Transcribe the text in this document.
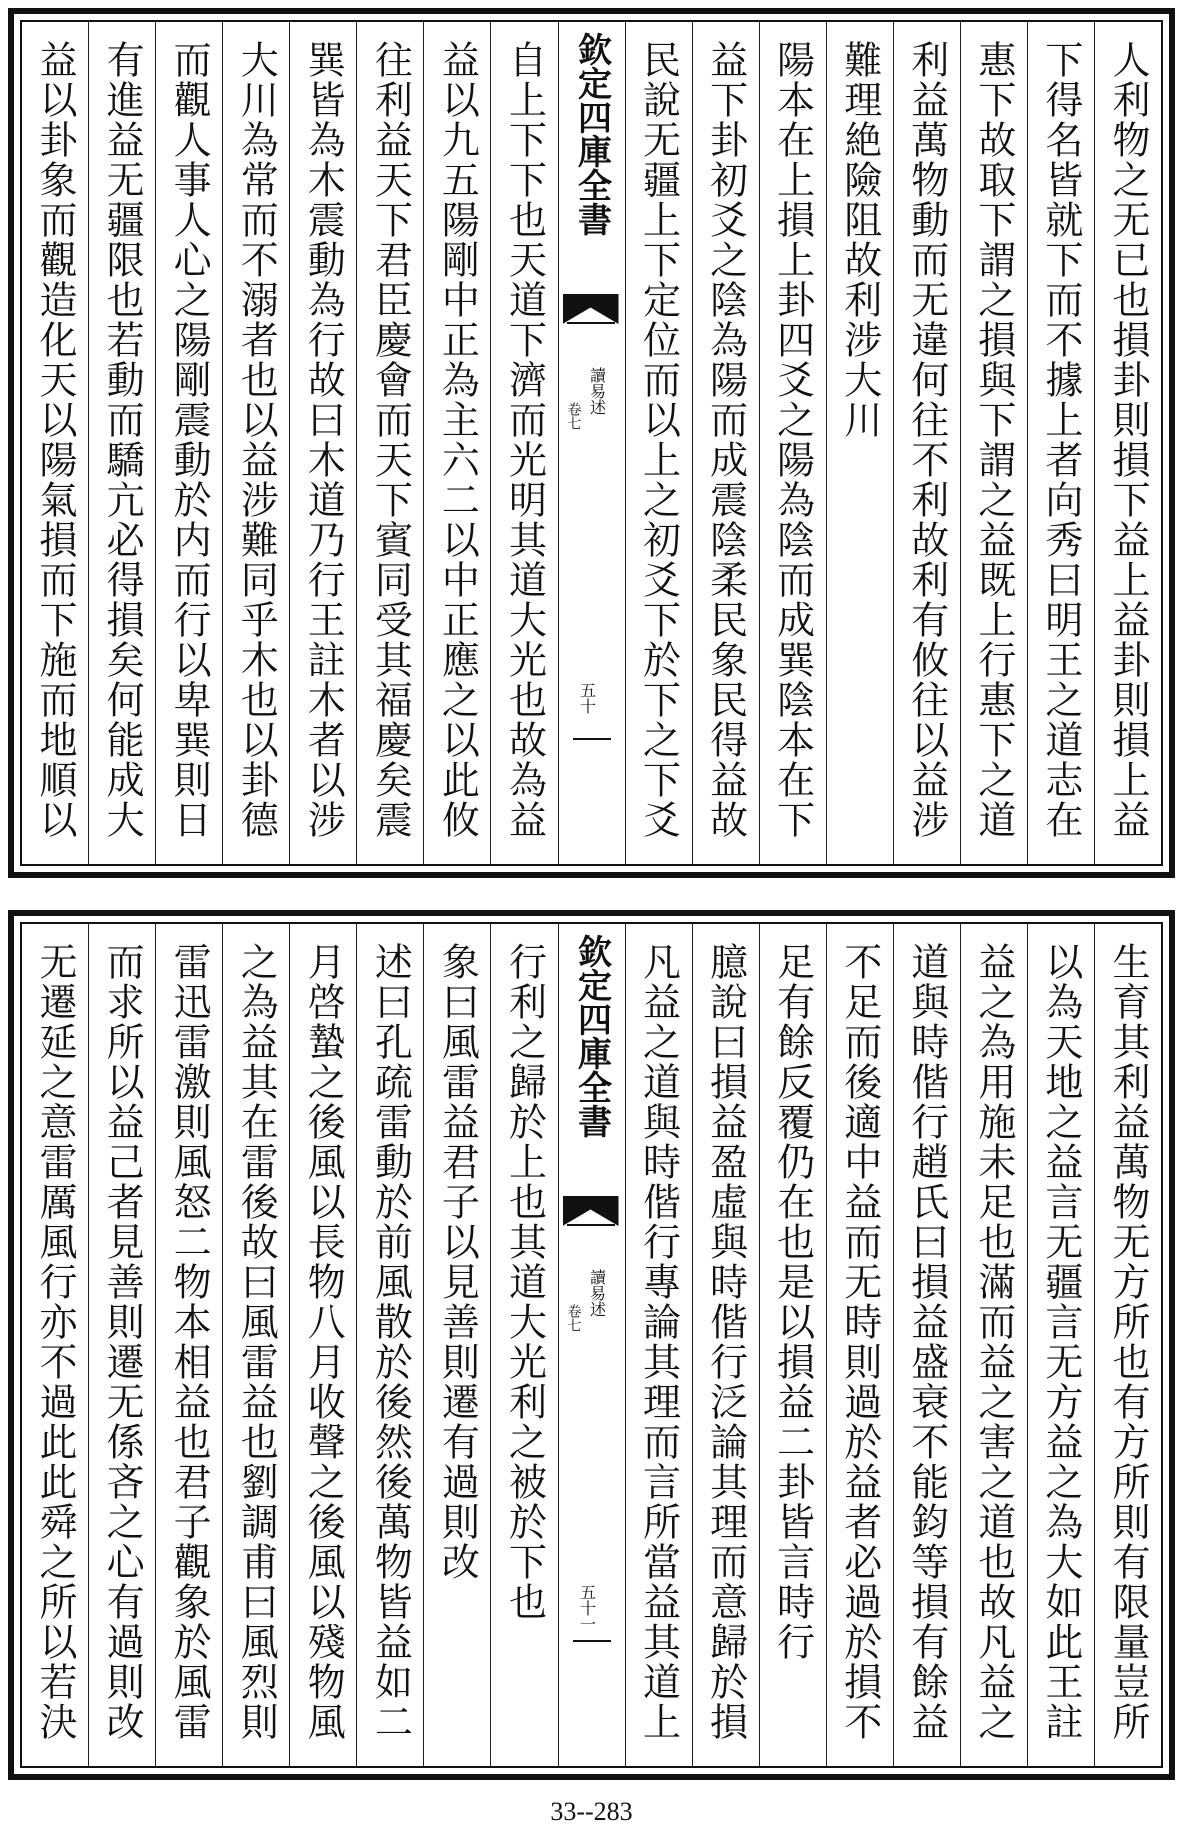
人利物之无已也損卦則損下益上益卦則損上益
下得名皆就下而不據上者向秀曰明王之道志在
惠下故取下謂之損與下謂之益既上行惠下之道
利益萬物動而无違何往不利故利有攸往以益涉
難理絶險阻故利涉大川
陽本在上損上卦四爻之陽為陰而成巽陰本在下
益下卦初爻之陰為陽而成震陰柔民象民得益故
民說无疆上下定位而以上之初爻下於下之下爻
欽定四庫全書
讀易述
卷七
五十
自上下下也天道下濟而光明其道大光也故為益
益以九五陽剛中正為主六二以中正應之以此攸
往利益天下君臣慶會而天下賓同受其福慶矣震
巽皆為木震動為行故曰木道乃行王註木者以涉
大川為常而不溺者也以益涉難同乎木也以卦德
而觀人事人心之陽剛震動於内而行以卑巽則日
有進益无疆限也若動而驕亢必得損矣何能成大
益以卦象而觀造化天以陽氣損而下施而地順以
生育其利益萬物无方所也有方所則有限量豈所
以為天地之益言无疆言无方益之為大如此王註
益之為用施未足也滿而益之害之道也故凡益之
道與時偕行趙氏曰損益盛衰不能鈞等損有餘益
不足而後適中益而无時則過於益者必過於損不
足有餘反覆仍在也是以損益二卦皆言時行
臆說曰損益盈虛與時偕行泛論其理而意歸於損
凡益之道與時偕行專論其理而言所當益其道上
欽定四庫全書
讀易述
卷七
五十一
行利之歸於上也其道大光利之被於下也
象曰風雷益君子以見善則遷有過則改
述曰孔疏雷動於前風散於後然後萬物皆益如二
月啓蟄之後風以長物八月收聲之後風以殘物風
之為益其在雷後故曰風雷益也劉調甫曰風烈則
雷迅雷激則風怒二物本相益也君子觀象於風雷
而求所以益己者見善則遷无係吝之心有過則改
无遷延之意雷厲風行亦不過此此舜之所以若決
33--283
